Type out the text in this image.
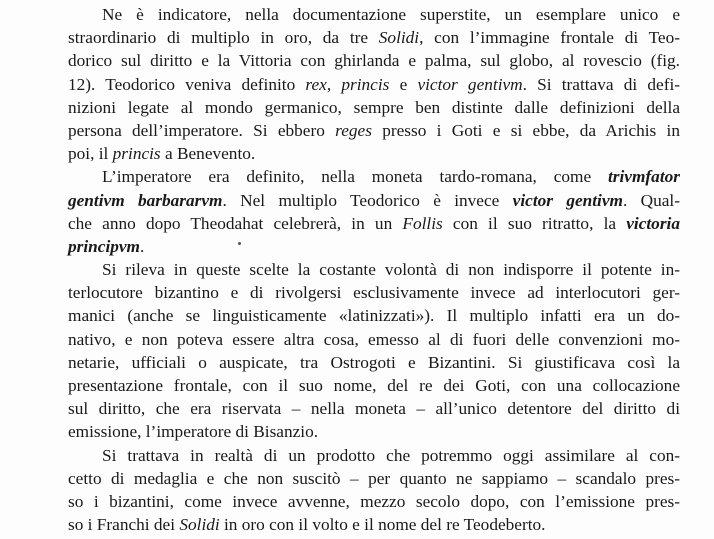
Ne è indicatore, nella documentazione superstite, un esemplare unico e
straordinario di multiplo in oro, da tre Solidi, con l’immagine frontale di Teo-
dorico sul diritto e la Vittoria con ghirlanda e palma, sul globo, al rovescio (fig.
12). Teodorico veniva definito rex, princis e victor gentivm. Si trattava di defi-
nizioni legate al mondo germanico, sempre ben distinte dalle definizioni della
persona dell’imperatore. Si ebbero reges presso i Goti e si ebbe, da Arichis in
poi, il princis a Benevento.
L’imperatore era definito, nella moneta tardo-romana, come trivmfator
gentivm barbararvm. Nel multiplo Teodorico è invece victor gentivm. Qual-
che anno dopo Theodahat celebrerà, in un Follis con il suo ritratto, la victoria
principvm.
Si rileva in queste scelte la costante volontà di non indisporre il potente in-
terlocutore bizantino e di rivolgersi esclusivamente invece ad interlocutori ger-
manici (anche se linguisticamente «latinizzati»). Il multiplo infatti era un do-
nativo, e non poteva essere altra cosa, emesso al di fuori delle convenzioni mo-
netarie, ufficiali o auspicate, tra Ostrogoti e Bizantini. Si giustificava così la
presentazione frontale, con il suo nome, del re dei Goti, con una collocazione
sul diritto, che era riservata – nella moneta – all’unico detentore del diritto di
emissione, l’imperatore di Bisanzio.
Si trattava in realtà di un prodotto che potremmo oggi assimilare al con-
cetto di medaglia e che non suscitò – per quanto ne sappiamo – scandalo pres-
so i bizantini, come invece avvenne, mezzo secolo dopo, con l’emissione pres-
so i Franchi dei Solidi in oro con il volto e il nome del re Teodeberto.
